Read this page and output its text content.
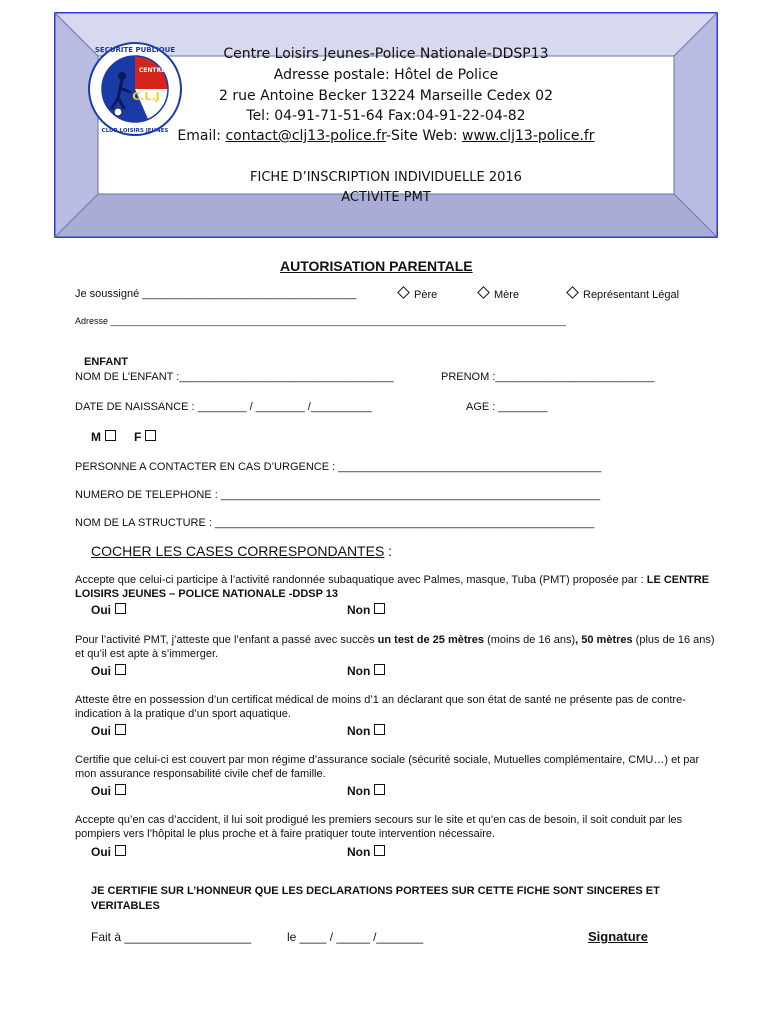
SECURITE PUBLIQUE
CENTRE
C.L.J
CLUB LOISIRS JEUNES
Centre Loisirs Jeunes-Police Nationale-DDSP13
Adresse postale: Hôtel de Police
2 rue Antoine Becker 13224 Marseille Cedex 02
Tel: 04-91-71-51-64 Fax:04-91-22-04-82
Email: contact@clj13-police.fr-Site Web: www.clj13-police.fr
FICHE D’INSCRIPTION INDIVIDUELLE 2016
ACTIVITE PMT
AUTORISATION PARENTALE
Je soussigné ___________________________________	Père	Mère	Représentant Légal
Adresse ___________________________________________________________________________________________
ENFANT
NOM DE L’ENFANT :___________________________________	PRENOM :__________________________
DATE DE NAISSANCE : ________ / ________ /__________	AGE : ________
M	F
PERSONNE A CONTACTER EN CAS D’URGENCE : ___________________________________________
NUMERO DE TELEPHONE : ______________________________________________________________
NOM DE LA STRUCTURE : ______________________________________________________________
COCHER LES CASES CORRESPONDANTES :
Accepte que celui-ci participe à l’activité randonnée subaquatique avec Palmes, masque, Tuba (PMT) proposée par : LE CENTRE LOISIRS JEUNES – POLICE NATIONALE -DDSP 13
Oui	Non
Pour l’activité PMT, j’atteste que l’enfant a passé avec succès un test de 25 mètres (moins de 16 ans), 50 mètres (plus de 16 ans) et qu’il est apte à s’immerger.
Oui	Non
Atteste être en possession d’un certificat médical de moins d’1 an déclarant que son état de santé ne présente pas de contre-indication à la pratique d’un sport aquatique.
Oui	Non
Certifie que celui-ci est couvert par mon régime d’assurance sociale (sécurité sociale, Mutuelles complémentaire, CMU…) et par mon assurance responsabilité civile chef de famille.
Oui	Non
Accepte qu’en cas d’accident, il lui soit prodigué les premiers secours sur le site et qu’en cas de besoin, il soit conduit par les pompiers vers l’hôpital le plus proche et à faire pratiquer toute intervention nécessaire.
Oui	Non
JE CERTIFIE SUR L’HONNEUR QUE LES DECLARATIONS PORTEES SUR CETTE FICHE SONT SINCERES ET VERITABLES
Fait à ___________________	le ____ / _____ /_______	Signature
